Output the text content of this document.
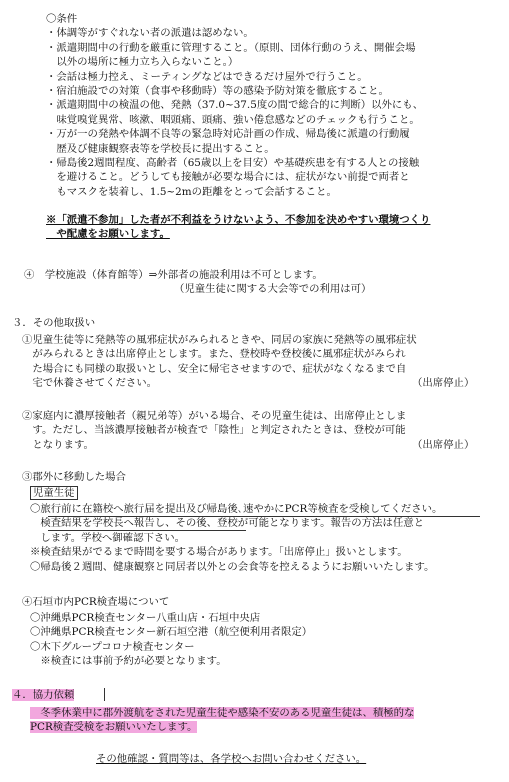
〇条件
・体調等がすぐれない者の派遣は認めない。
・派遣期間中の行動を厳重に管理すること。（原則、団体行動のうえ、開催会場
　以外の場所に極力立ち入らないこと。）
・会話は極力控え、ミーティングなどはできるだけ屋外で行うこと。
・宿泊施設での対策（食事や移動時）等の感染予防対策を徹底すること。
・派遣期間中の検温の他、発熱（37.0~37.5度の間で総合的に判断）以外にも、
　味覚嗅覚異常、咳漱、咽頭痛、頭痛、強い倦怠感などのチェックも行うこと。
・万が一の発熱や体調不良等の緊急時対応計画の作成、帰島後に派遣の行動履
　歴及び健康観察表等を学校長に提出すること。
・帰島後2週間程度、高齢者（65歳以上を目安）や基礎疾患を有する人との接触
　を避けること。どうしても接触が必要な場合には、症状がない前提で両者と
　もマスクを装着し、1.5~2mの距離をとって会話すること。
※「派遣不参加」した者が不利益をうけないよう、不参加を決めやすい環境つくり
　や配慮をお願いします。
④　学校施設（体育館等）⇒外部者の施設利用は不可とします。
（児童生徒に関する大会等での利用は可）
３．その他取扱い
①児童生徒等に発熱等の風邪症状がみられるときや、同居の家族に発熱等の風邪症状
　がみられるときは出席停止とします。また、登校時や登校後に風邪症状がみられ
　た場合にも同様の取扱いとし、安全に帰宅させますので、症状がなくなるまで自
　宅で休養させてください。	（出席停止）
②家庭内に濃厚接触者（親兄弟等）がいる場合、その児童生徒は、出席停止としま
　す。ただし、当該濃厚接触者が検査で「陰性」と判定されたときは、登校が可能
　となります。	（出席停止）
③郡外に移動した場合
児童生徒
〇旅行前に在籍校へ旅行届を提出及び帰島後､速やかにPCR等検査を受検してください。
　検査結果を学校長へ報告し、その後、登校が可能となります。報告の方法は任意と
　します。学校へ御確認下さい。
※検査結果がでるまで時間を要する場合があります。「出席停止」扱いとします。
〇帰島後２週間、健康観察と同居者以外との会食等を控えるようにお願いいたします。
④石垣市内PCR検査場について
〇沖縄県PCR検査センター八重山店・石垣中央店
〇沖縄県PCR検査センター新石垣空港（航空便利用者限定）
〇木下グループコロナ検査センター
　※検査には事前予約が必要となります。
４．協力依頼
　冬季休業中に郡外渡航をされた児童生徒や感染不安のある児童生徒は、積極的な
PCR検査受検をお願いいたします。
その他確認・質問等は、各学校へお問い合わせください。
